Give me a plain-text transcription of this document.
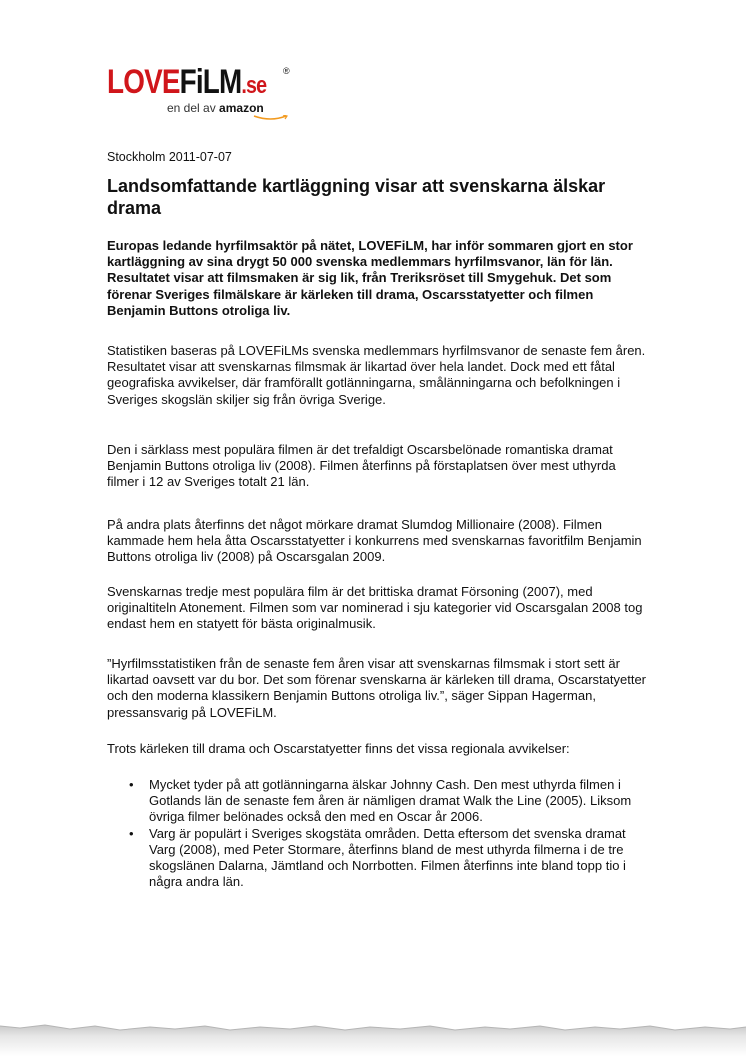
LOVEFiLM.se
®
en del av amazon
Stockholm 2011-07-07
Landsomfattande kartläggning visar att svenskarna älskar drama

Europas ledande hyrfilmsaktör på nätet, LOVEFiLM, har inför sommaren gjort en stor kartläggning av sina drygt 50 000 svenska medlemmars hyrfilmsvanor, län för län. Resultatet visar att filmsmaken är sig lik, från Treriksröset till Smygehuk. Det som förenar Sveriges filmälskare är kärleken till drama, Oscarsstatyetter och filmen Benjamin Buttons otroliga liv.

Statistiken baseras på LOVEFiLMs svenska medlemmars hyrfilmsvanor de senaste fem åren. Resultatet visar att svenskarnas filmsmak är likartad över hela landet. Dock med ett fåtal geografiska avvikelser, där framförallt gotlänningarna, smålänningarna och befolkningen i Sveriges skogslän skiljer sig från övriga Sverige.

Den i särklass mest populära filmen är det trefaldigt Oscarsbelönade romantiska dramat Benjamin Buttons otroliga liv (2008). Filmen återfinns på förstaplatsen över mest uthyrda filmer i 12 av Sveriges totalt 21 län.

På andra plats återfinns det något mörkare dramat Slumdog Millionaire (2008). Filmen kammade hem hela åtta Oscarsstatyetter i konkurrens med svenskarnas favoritfilm Benjamin Buttons otroliga liv (2008) på Oscarsgalan 2009.

Svenskarnas tredje mest populära film är det brittiska dramat Försoning (2007), med originaltiteln Atonement. Filmen som var nominerad i sju kategorier vid Oscarsgalan 2008 tog endast hem en statyett för bästa originalmusik.

”Hyrfilmsstatistiken från de senaste fem åren visar att svenskarnas filmsmak i stort sett är likartad oavsett var du bor. Det som förenar svenskarna är kärleken till drama, Oscarstatyetter och den moderna klassikern Benjamin Buttons otroliga liv.”, säger Sippan Hagerman, pressansvarig på LOVEFiLM.

Trots kärleken till drama och Oscarstatyetter finns det vissa regionala avvikelser:

• Mycket tyder på att gotlänningarna älskar Johnny Cash. Den mest uthyrda filmen i Gotlands län de senaste fem åren är nämligen dramat Walk the Line (2005). Liksom övriga filmer belönades också den med en Oscar år 2006.
• Varg är populärt i Sveriges skogstäta områden. Detta eftersom det svenska dramat Varg (2008), med Peter Stormare, återfinns bland de mest uthyrda filmerna i de tre skogslänen Dalarna, Jämtland och Norrbotten. Filmen återfinns inte bland topp tio i några andra län.
